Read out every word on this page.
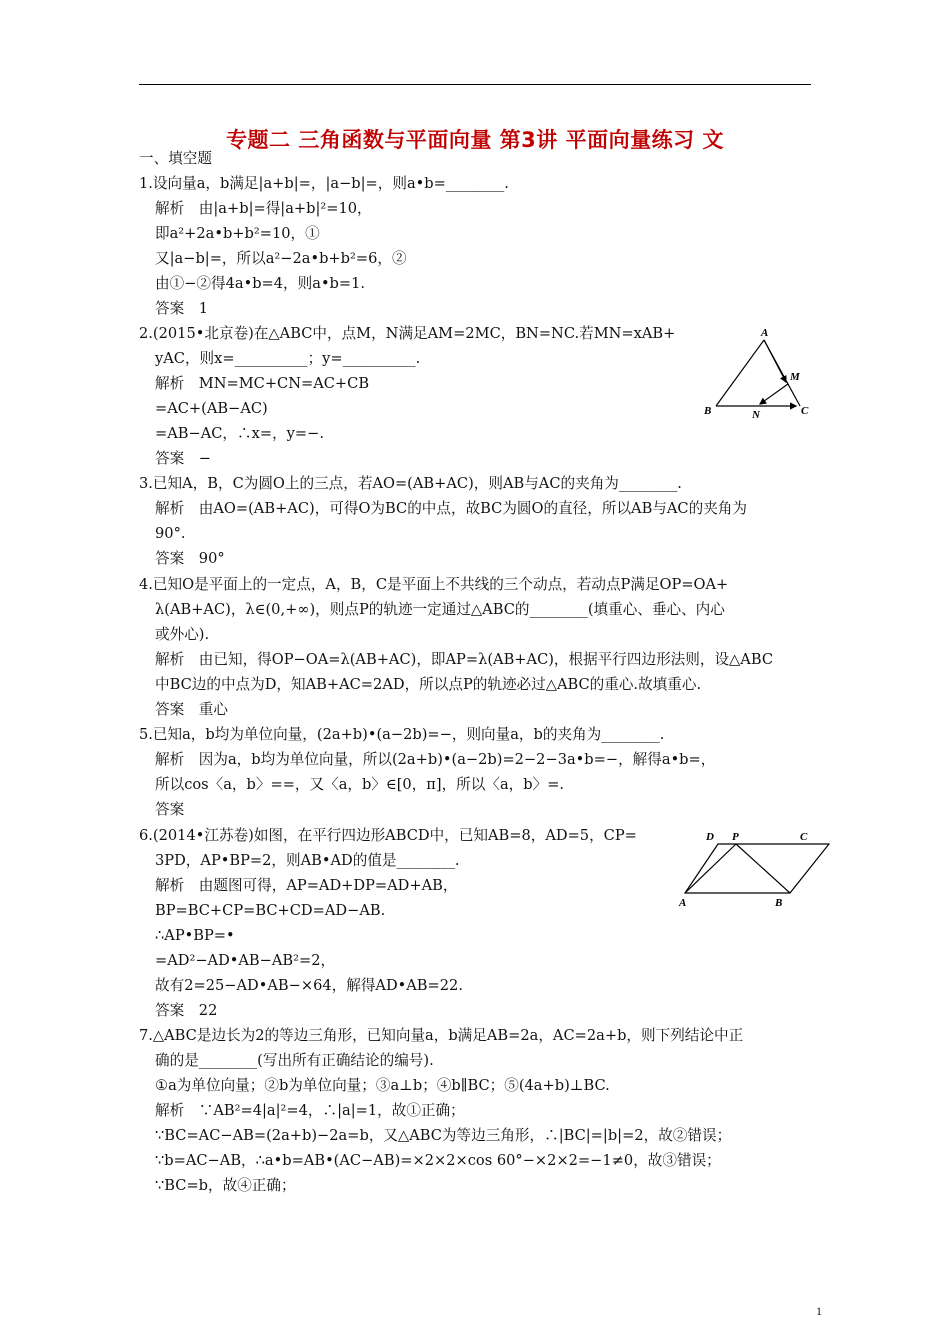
专题二 三角函数与平面向量 第3讲 平面向量练习 文
一、填空题
1.设向量a，b满足|a+b|=，|a−b|=，则a•b=________.
解析　由|a+b|=得|a+b|²=10，
即a²+2a•b+b²=10，①
又|a−b|=，所以a²−2a•b+b²=6，②
由①−②得4a•b=4，则a•b=1.
答案　1
2.(2015•北京卷)在△ABC中，点M，N满足AM=2MC，BN=NC.若MN=xAB+
yAC，则x=__________；y=__________.
解析　MN=MC+CN=AC+CB
=AC+(AB−AC)
=AB−AC，∴x=，y=−.
答案　−
3.已知A，B，C为圆O上的三点，若AO=(AB+AC)，则AB与AC的夹角为________.
解析　由AO=(AB+AC)，可得O为BC的中点，故BC为圆O的直径，所以AB与AC的夹角为
90°.
答案　90°
4.已知O是平面上的一定点，A，B，C是平面上不共线的三个动点，若动点P满足OP=OA+
λ(AB+AC)，λ∈(0,+∞)，则点P的轨迹一定通过△ABC的________(填重心、垂心、内心
或外心).
解析　由已知，得OP−OA=λ(AB+AC)，即AP=λ(AB+AC)，根据平行四边形法则，设△ABC
中BC边的中点为D，知AB+AC=2AD，所以点P的轨迹必过△ABC的重心.故填重心.
答案　重心
5.已知a，b均为单位向量，(2a+b)•(a−2b)=−，则向量a，b的夹角为________.
解析　因为a，b均为单位向量，所以(2a+b)•(a−2b)=2−2−3a•b=−，解得a•b=，
所以cos〈a，b〉==，又〈a，b〉∈[0，π]，所以〈a，b〉=.
答案
6.(2014•江苏卷)如图，在平行四边形ABCD中，已知AB=8，AD=5，CP=
3PD，AP•BP=2，则AB•AD的值是________.
解析　由题图可得，AP=AD+DP=AD+AB，
BP=BC+CP=BC+CD=AD−AB.
∴AP•BP=•
=AD²−AD•AB−AB²=2，
故有2=25−AD•AB−×64，解得AD•AB=22.
答案　22
7.△ABC是边长为2的等边三角形，已知向量a，b满足AB=2a，AC=2a+b，则下列结论中正
确的是________(写出所有正确结论的编号).
①a为单位向量；②b为单位向量；③a⊥b；④b∥BC；⑤(4a+b)⊥BC.
解析　∵AB²=4|a|²=4，∴|a|=1，故①正确；
∵BC=AC−AB=(2a+b)−2a=b，又△ABC为等边三角形，∴|BC|=|b|=2，故②错误；
∵b=AC−AB，∴a•b=AB•(AC−AB)=×2×2×cos 60°−×2×2=−1≠0，故③错误；
∵BC=b，故④正确；
A
B	C
M
N
D P	C
A	B
1
